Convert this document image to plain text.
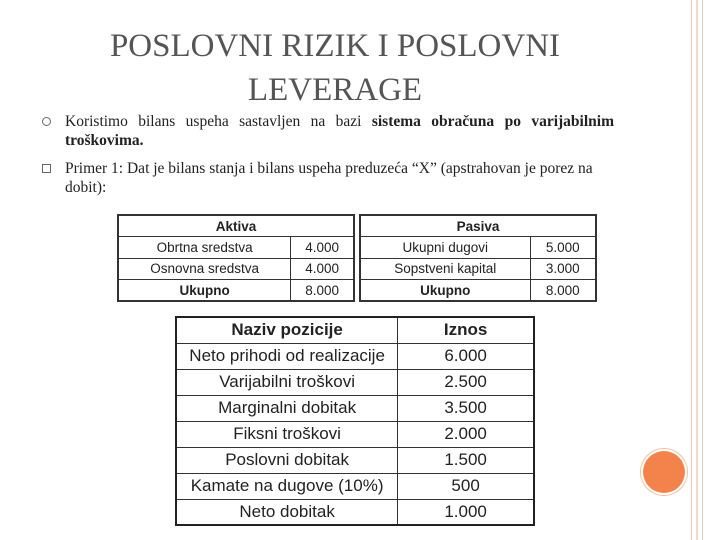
POSLOVNI RIZIK I POSLOVNI
LEVERAGE
Koristimo bilans uspeha sastavljen na bazi sistema obračuna po varijabilnim troškovima.
Primer 1: Dat je bilans stanja i bilans uspeha preduzeća “X” (apstrahovan je porez na dobit):
Aktiva	
Obrtna sredstva	4.000
Osnovna sredstva	4.000
Ukupno	8.000
Pasiva	
Ukupni dugovi	5.000
Sopstveni kapital	3.000
Ukupno	8.000
Naziv pozicije	Iznos
Neto prihodi od realizacije	6.000
Varijabilni troškovi	2.500
Marginalni dobitak	3.500
Fiksni troškovi	2.000
Poslovni dobitak	1.500
Kamate na dugove (10%)	500
Neto dobitak	1.000
